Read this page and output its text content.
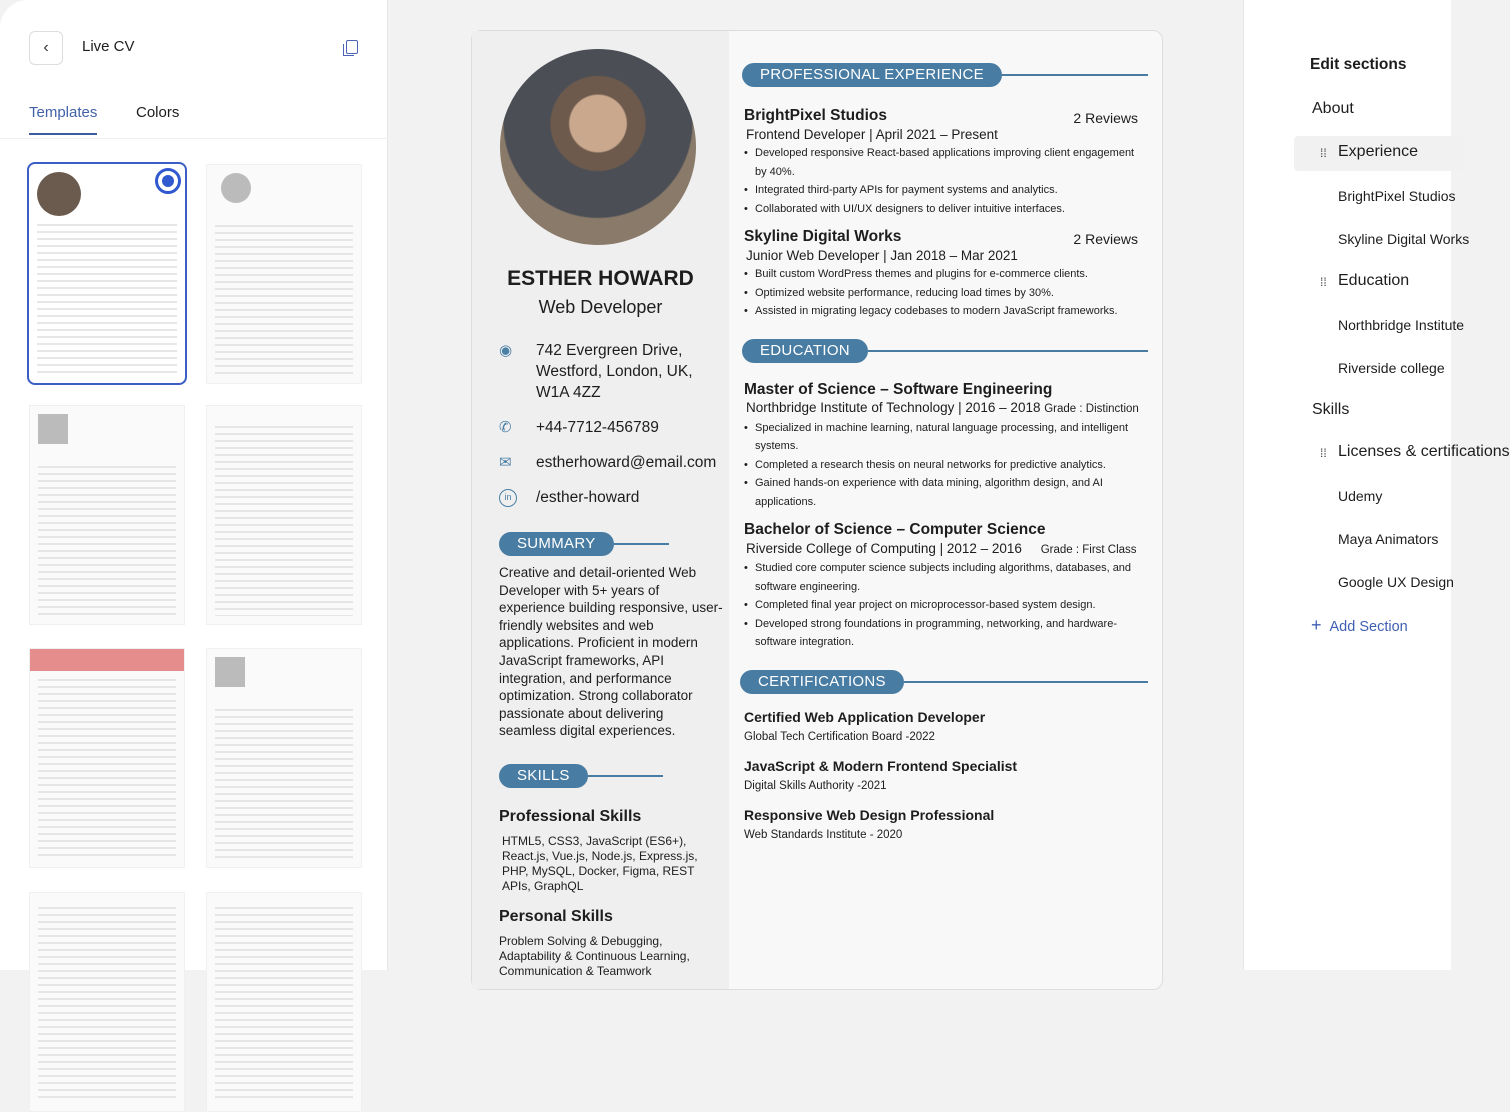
‹ Live CV
Templates	Colors
ESTHER HOWARD
Web Developer
◉	742 Evergreen Drive, Westford, London, UK, W1A 4ZZ
✆	+44-7712-456789
✉	estherhoward@email.com
in	/esther-howard
SUMMARY
Creative and detail-oriented Web Developer with 5+ years of experience building responsive, user-friendly websites and web applications. Proficient in modern JavaScript frameworks, API integration, and performance optimization. Strong collaborator passionate about delivering seamless digital experiences.
SKILLS
Professional Skills
HTML5, CSS3, JavaScript (ES6+), React.js, Vue.js, Node.js, Express.js, PHP, MySQL, Docker, Figma, REST APIs, GraphQL
Personal Skills
Problem Solving & Debugging, Adaptability & Continuous Learning, Communication & Teamwork
PROFESSIONAL EXPERIENCE
BrightPixel Studios	2 Reviews
Frontend Developer | April 2021 – Present
• Developed responsive React-based applications improving client engagement by 40%.
• Integrated third-party APIs for payment systems and analytics.
• Collaborated with UI/UX designers to deliver intuitive interfaces.
Skyline Digital Works	2 Reviews
Junior Web Developer | Jan 2018 – Mar 2021
• Built custom WordPress themes and plugins for e-commerce clients.
• Optimized website performance, reducing load times by 30%.
• Assisted in migrating legacy codebases to modern JavaScript frameworks.
EDUCATION
Master of Science – Software Engineering
Northbridge Institute of Technology | 2016 – 2018 Grade : Distinction
• Specialized in machine learning, natural language processing, and intelligent systems.
• Completed a research thesis on neural networks for predictive analytics.
• Gained hands-on experience with data mining, algorithm design, and AI applications.
Bachelor of Science – Computer Science
Riverside College of Computing | 2012 – 2016 Grade : First Class
• Studied core computer science subjects including algorithms, databases, and software engineering.
• Completed final year project on microprocessor-based system design.
• Developed strong foundations in programming, networking, and hardware-software integration.
CERTIFICATIONS
Certified Web Application Developer
Global Tech Certification Board -2022
JavaScript & Modern Frontend Specialist
Digital Skills Authority -2021
Responsive Web Design Professional
Web Standards Institute - 2020
Edit sections
About
⁞⁞ Experience
BrightPixel Studios
Skyline Digital Works
⁞⁞ Education
Northbridge Institute
Riverside college
Skills
⁞⁞ Licenses & certifications
Udemy
Maya Animators
Google UX Design
+ Add Section
